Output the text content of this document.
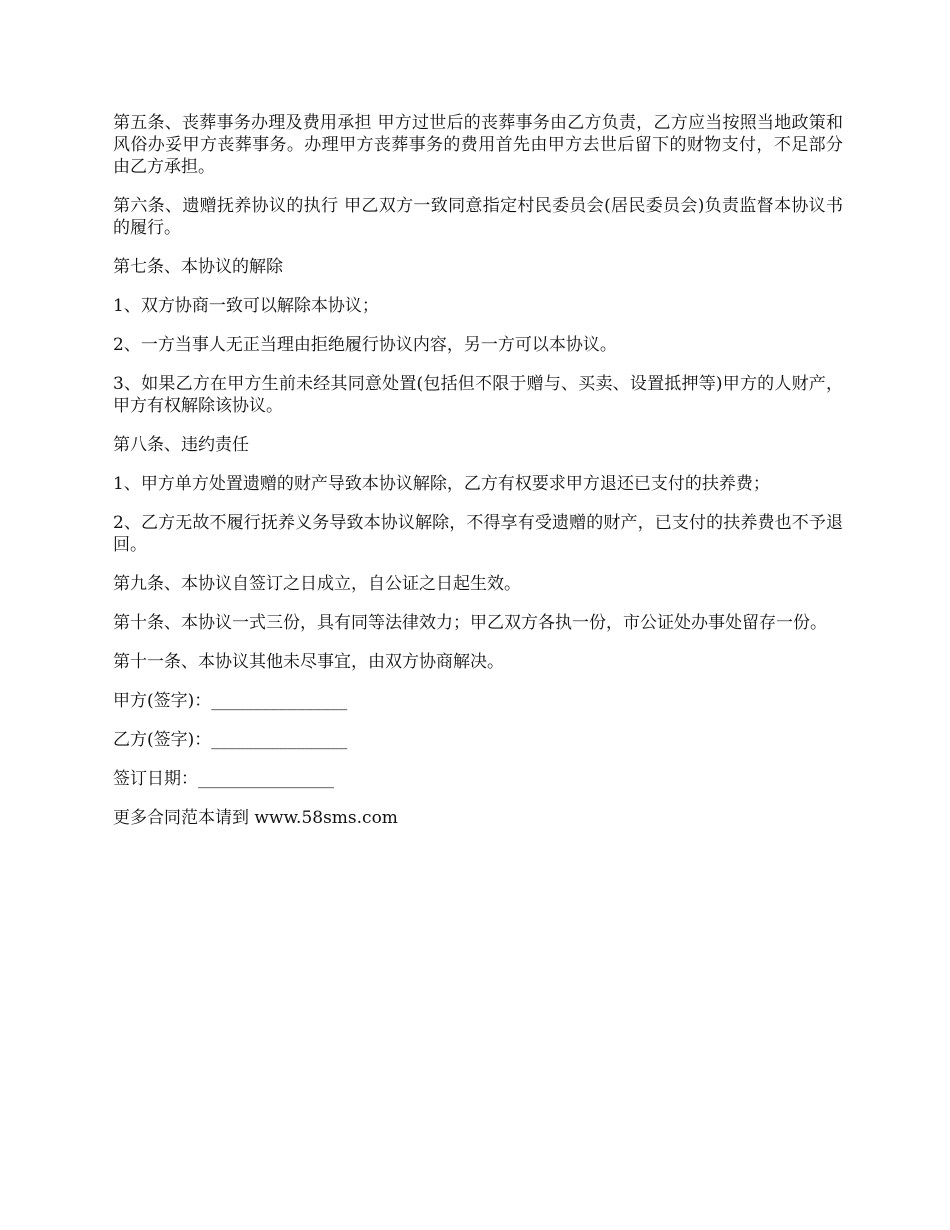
第五条、丧葬事务办理及费用承担 甲方过世后的丧葬事务由乙方负责，乙方应当按照当地政策和风俗办妥甲方丧葬事务。办理甲方丧葬事务的费用首先由甲方去世后留下的财物支付，不足部分由乙方承担。

第六条、遗赠抚养协议的执行 甲乙双方一致同意指定村民委员会(居民委员会)负责监督本协议书的履行。

第七条、本协议的解除

1、双方协商一致可以解除本协议；

2、一方当事人无正当理由拒绝履行协议内容，另一方可以本协议。

3、如果乙方在甲方生前未经其同意处置(包括但不限于赠与、买卖、设置抵押等)甲方的人财产，甲方有权解除该协议。

第八条、违约责任

1、甲方单方处置遗赠的财产导致本协议解除，乙方有权要求甲方退还已支付的扶养费；

2、乙方无故不履行抚养义务导致本协议解除，不得享有受遗赠的财产，已支付的扶养费也不予退回。

第九条、本协议自签订之日成立，自公证之日起生效。

第十条、本协议一式三份，具有同等法律效力；甲乙双方各执一份，市公证处办事处留存一份。

第十一条、本协议其他未尽事宜，由双方协商解决。

甲方(签字)：________________

乙方(签字)：________________

签订日期：________________

更多合同范本请到 www.58sms.com
